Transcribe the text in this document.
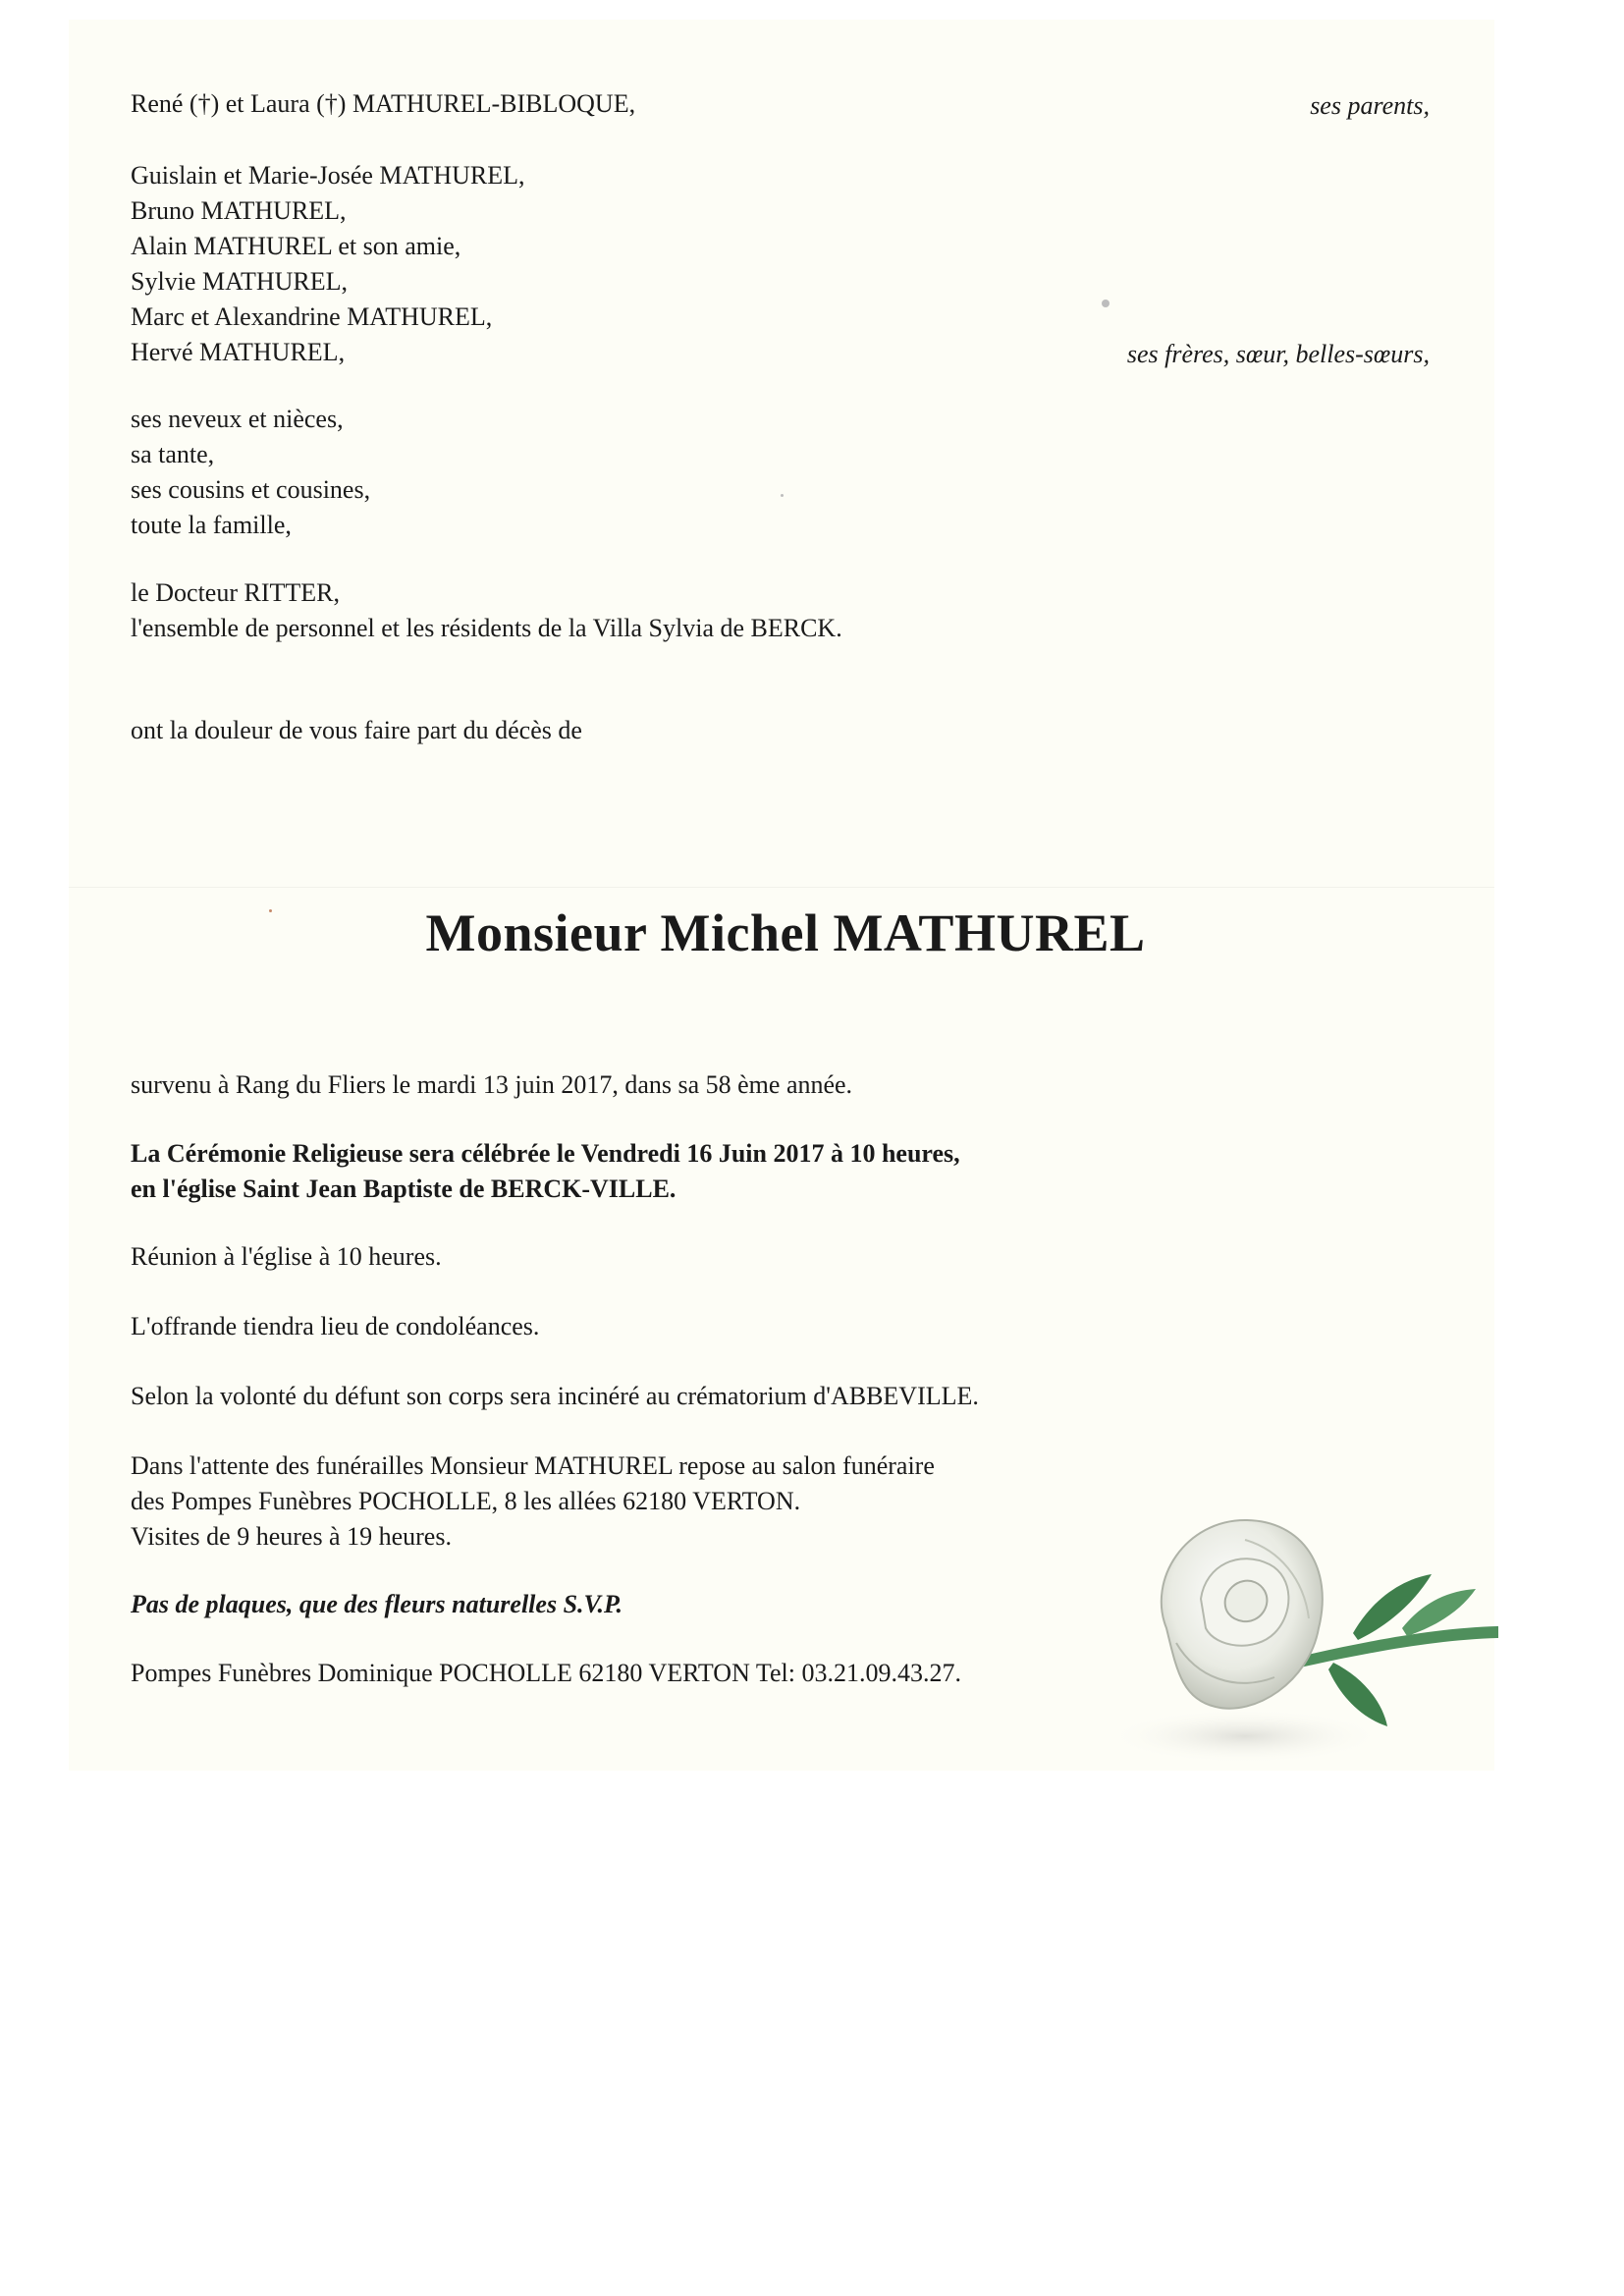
René (†) et Laura (†) MATHUREL-BIBLOQUE,	ses parents,
Guislain et Marie-Josée MATHUREL,
Bruno MATHUREL,
Alain MATHUREL et son amie,
Sylvie MATHUREL,
Marc et Alexandrine MATHUREL,
Hervé MATHUREL,	ses frères, sœur, belles-sœurs,
ses neveux et nièces,
sa tante,
ses cousins et cousines,
toute la famille,
le Docteur RITTER,
l'ensemble de personnel et les résidents de la Villa Sylvia de BERCK.
ont la douleur de vous faire part du décès de
Monsieur Michel MATHUREL
survenu à Rang du Fliers le mardi 13 juin 2017, dans sa 58 ème année.
La Cérémonie Religieuse sera célébrée le Vendredi 16 Juin 2017 à 10 heures,
en l'église Saint Jean Baptiste de BERCK-VILLE.
Réunion à l'église à 10 heures.
L'offrande tiendra lieu de condoléances.
Selon la volonté du défunt son corps sera incinéré au crématorium d'ABBEVILLE.
Dans l'attente des funérailles Monsieur MATHUREL repose au salon funéraire
des Pompes Funèbres POCHOLLE, 8 les allées 62180 VERTON.
Visites de 9 heures à 19 heures.
Pas de plaques, que des fleurs naturelles S.V.P.
Pompes Funèbres Dominique POCHOLLE 62180 VERTON Tel: 03.21.09.43.27.
